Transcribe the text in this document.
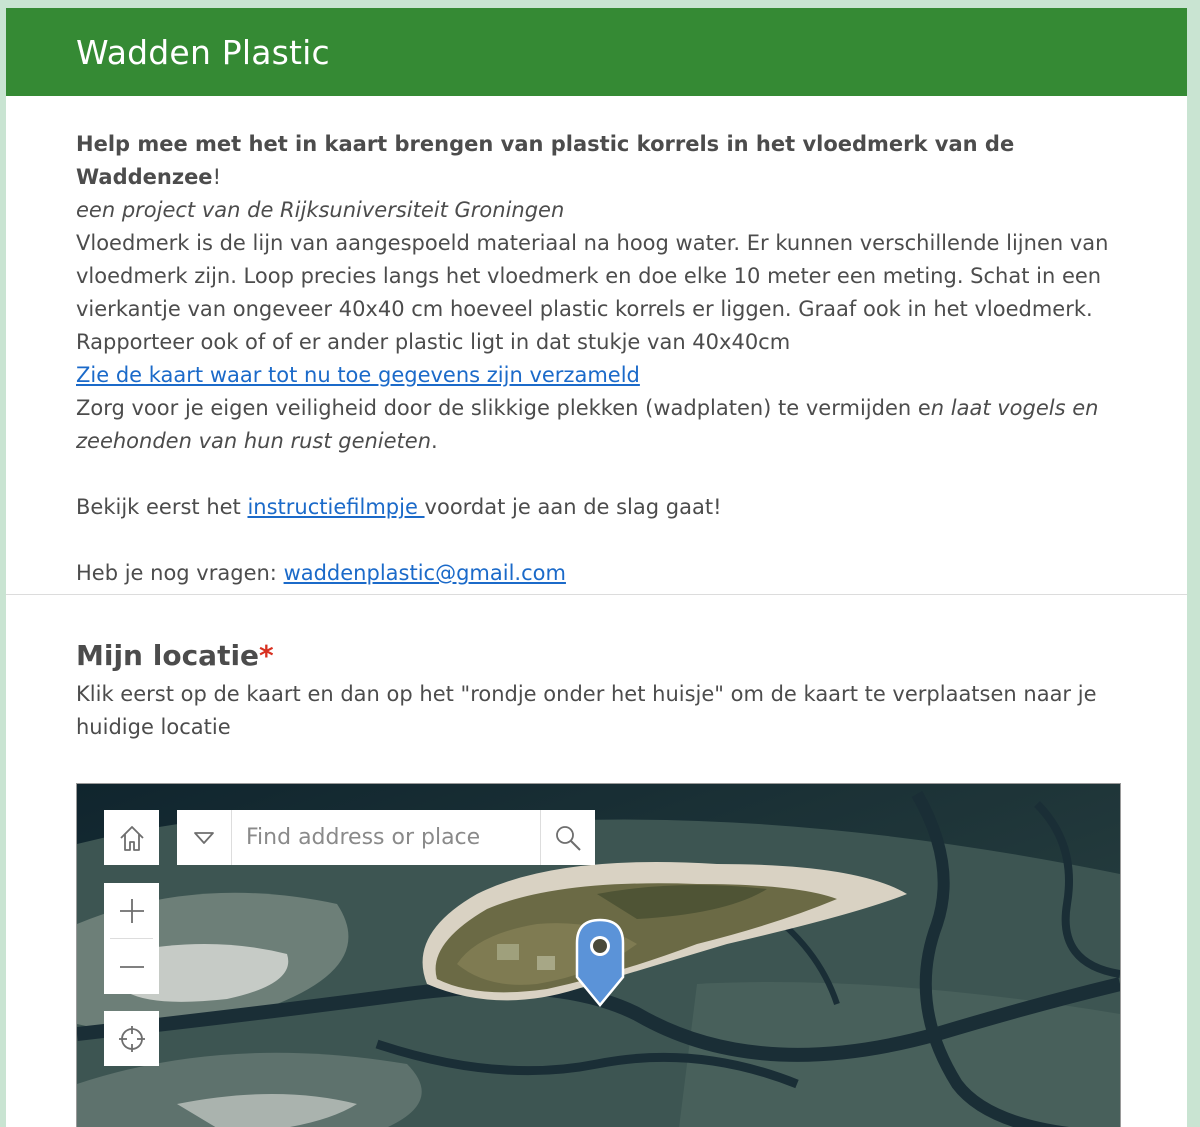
Wadden Plastic

Help mee met het in kaart brengen van plastic korrels in het vloedmerk van de Waddenzee!

een project van de Rijksuniversiteit Groningen

Vloedmerk is de lijn van aangespoeld materiaal na hoog water. Er kunnen verschillende lijnen van vloedmerk zijn. Loop precies langs het vloedmerk en doe elke 10 meter een meting. Schat in een vierkantje van ongeveer 40x40 cm hoeveel plastic korrels er liggen. Graaf ook in het vloedmerk. Rapporteer ook of of er ander plastic ligt in dat stukje van 40x40cm

Zie de kaart waar tot nu toe gegevens zijn verzameld

Zorg voor je eigen veiligheid door de slikkige plekken (wadplaten) te vermijden en laat vogels en zeehonden van hun rust genieten.

Bekijk eerst het instructiefilmpje voordat je aan de slag gaat!

Heb je nog vragen: waddenplastic@gmail.com

Mijn locatie*
Klik eerst op de kaart en dan op het "rondje onder het huisje" om de kaart te verplaatsen naar je huidige locatie
Find address or place
